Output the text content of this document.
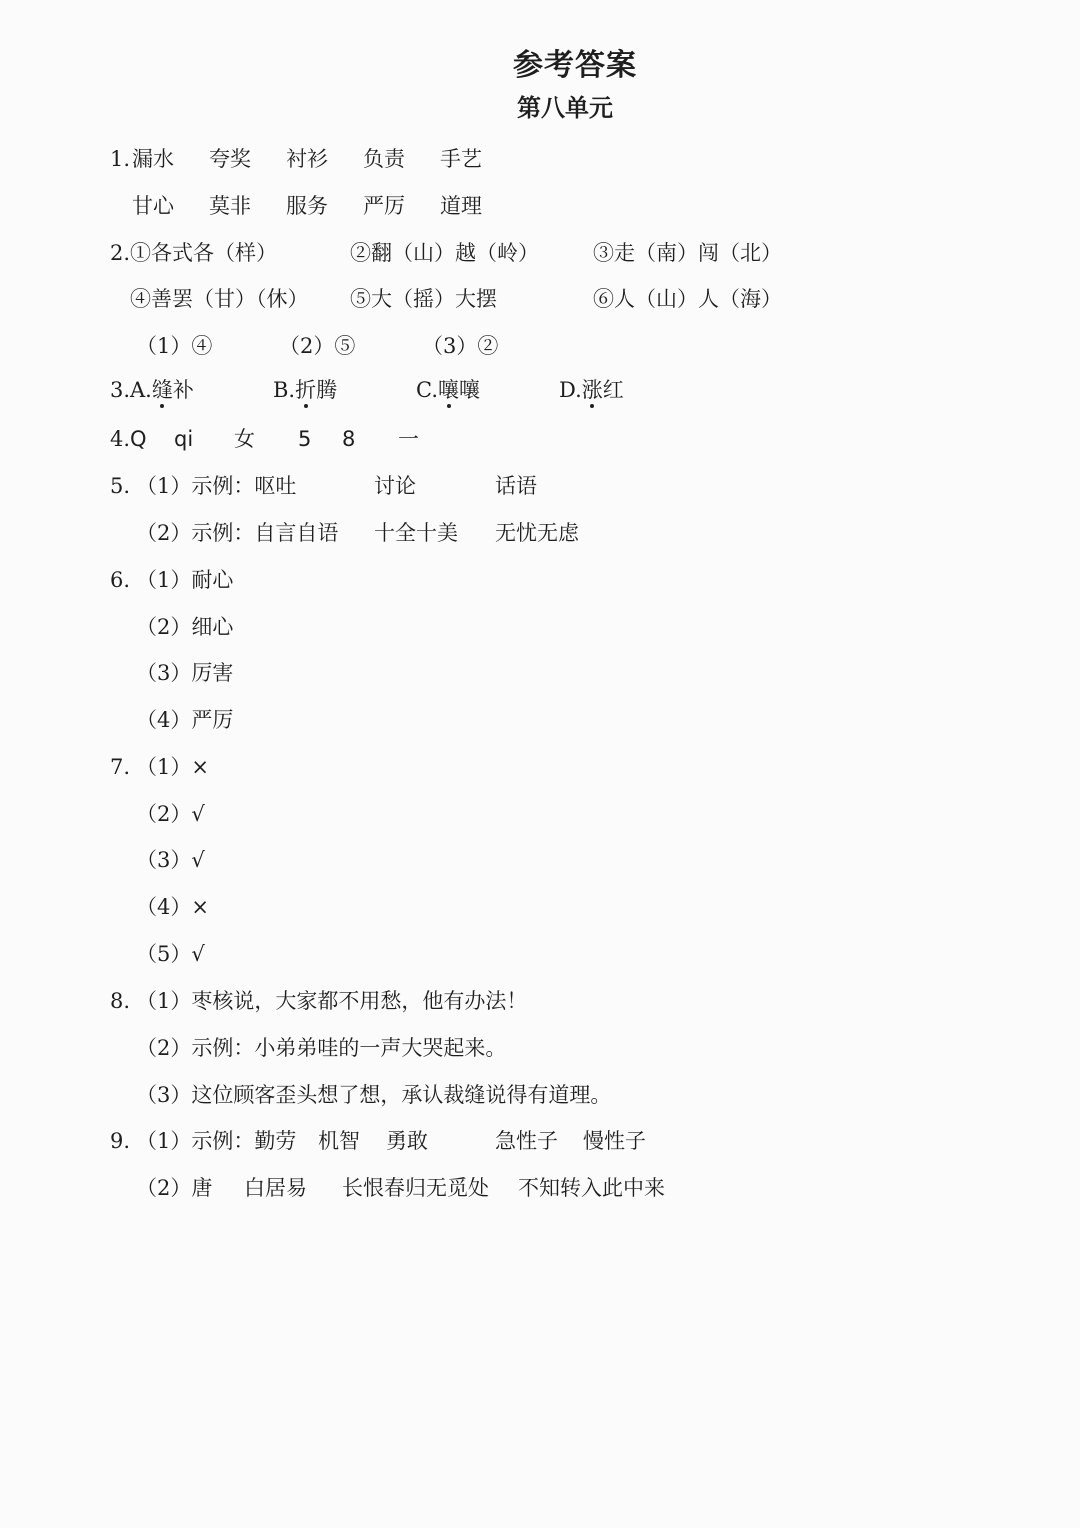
参考答案
第八单元
1. 漏水 夸奖 衬衫 负责 手艺
甘心 莫非 服务 严厉 道理
2. ①各式各（样）	②翻（山）越（岭）	③走（南）闯（北）
④善罢（甘）（休） ⑤大（摇）大摆	⑥人（山）人（海）
（1）④	（2）⑤	（3）②
3. A.缝补	B.折腾	C.嚷嚷	D.涨红
4. Q qi 女 5 8 一
5. （1）示例：呕吐	讨论	话语
（2）示例：自言自语 十全十美 无忧无虑
6. （1）耐心
（2）细心
（3）厉害
（4）严厉
7. （1）×
（2）√
（3）√
（4）×
（5）√
8. （1）枣核说，大家都不用愁，他有办法！
（2）示例：小弟弟哇的一声大哭起来。
（3）这位顾客歪头想了想，承认裁缝说得有道理。
9. （1）示例：勤劳 机智 勇敢	急性子 慢性子
（2）唐 白居易 长恨春归无觅处 不知转入此中来
